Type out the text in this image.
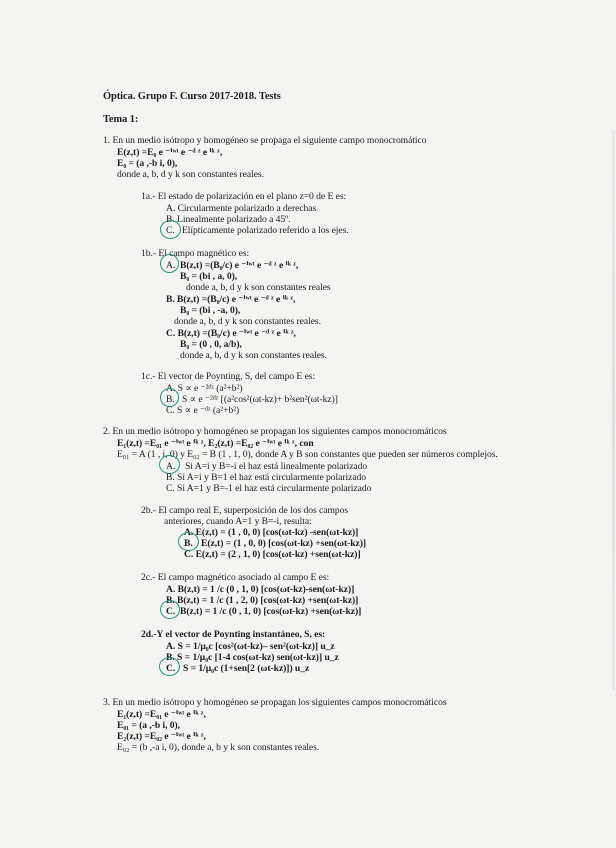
Óptica. Grupo F. Curso 2017-2018. Tests
Tema 1:
1. En un medio isótropo y homogéneo se propaga el siguiente campo monocromático
E(z,t) =E₀ e ⁻ⁱʷᵗ e ⁻ᵈ ᶻ e ⁱᵏ ᶻ,
E₀ = (a ,-b i, 0),
donde a, b, d y k son constantes reales.
1a.- El estado de polarización en el plano z=0 de E es:
A. Circularmente polarizado a derechas
B. Linealmente polarizado a 45º.
C. Elípticamente polarizado referido a los ejes.
1b.- El campo magnético es:
A. B(z,t) =(B₀/c) e ⁻ⁱʷᵗ e ⁻ᵈ ᶻ e ⁱᵏ ᶻ,
B₀ = (bi , a, 0),
donde a, b, d y k son constantes reales
B. B(z,t) =(B₀/c) e ⁻ⁱʷᵗ e ⁻ᵈ ᶻ e ⁱᵏ ᶻ,
B₀ = (bi , -a, 0),
donde a, b, d y k son constantes reales.
C. B(z,t) =(B₀/c) e ⁻ⁱʷᵗ e ⁻ᵈ ᶻ e ⁱᵏ ᶻ,
B₀ = (0 , 0, a/b),
donde a, b, d y k son constantes reales.
1c.- El vector de Poynting, S, del campo E es:
A. S ∝ e ⁻²ᵈᶻ (a²+b²)
B. S ∝ e ⁻²ᵈᶻ [(a²cos²(ωt-kz)+ b²sen²(ωt-kz)]
C. S ∝ e ⁻ᵈᶻ (a²+b²)
2. En un medio isótropo y homogéneo se propagan los siguientes campos monocromáticos
E₁(z,t) =E₀₁ e ⁻ⁱʷᵗ e ⁱᵏ ᶻ, E₂(z,t) =E₀₂ e ⁻ⁱʷᵗ e ⁱᵏ ᶻ, con
E₀₁ = A (1 , i, 0) y E₀₂ = B (1 , 1, 0), donde A y B son constantes que pueden ser números complejos.
A. Si A=i y B=-i el haz está linealmente polarizado
B. Si A=i y B=1 el haz está circularmente polarizado
C. Si A=1 y B=-1 el haz está circularmente polarizado
2b.- El campo real E, superposición de los dos campos
anteriores, cuando A=1 y B=-i, resulta:
A. E(z,t) = (1 , 0, 0) [cos(ωt-kz) -sen(ωt-kz)]
B. E(z,t) = (1 , 0, 0) [cos(ωt-kz) +sen(ωt-kz)]
C. E(z,t) = (2 , 1, 0) [cos(ωt-kz) +sen(ωt-kz)]
2c.- El campo magnético asociado al campo E es:
A. B(z,t) = 1 /c (0 , 1, 0) [cos(ωt-kz)-sen(ωt-kz)]
B. B(z,t) = 1 /c (1 , 2, 0) [cos(ωt-kz) +sen(ωt-kz)]
C. B(z,t) = 1 /c (0 , 1, 0) [cos(ωt-kz) +sen(ωt-kz)]
2d.-Y el vector de Poynting instantáneo, S, es:
A. S = 1/μ₀c [cos²(ωt-kz)– sen²(ωt-kz)] u_z
B. S = 1/μ₀c [1-4 cos(ωt-kz) sen(ωt-kz)] u_z
C. S = 1/μ₀c (1+sen[2 (ωt-kz)]) u_z
3. En un medio isótropo y homogéneo se propagan los siguientes campos monocromáticos
E₁(z,t) =E₀₁ e ⁻ⁱʷᵗ e ⁱᵏ ᶻ,
E₀₁ = (a ,-b i, 0),
E₂(z,t) =E₀₂ e ⁻ⁱʷᵗ e ⁱᵏ ᶻ,
E₀₂ = (b ,-a i, 0), donde a, b y k son constantes reales.
